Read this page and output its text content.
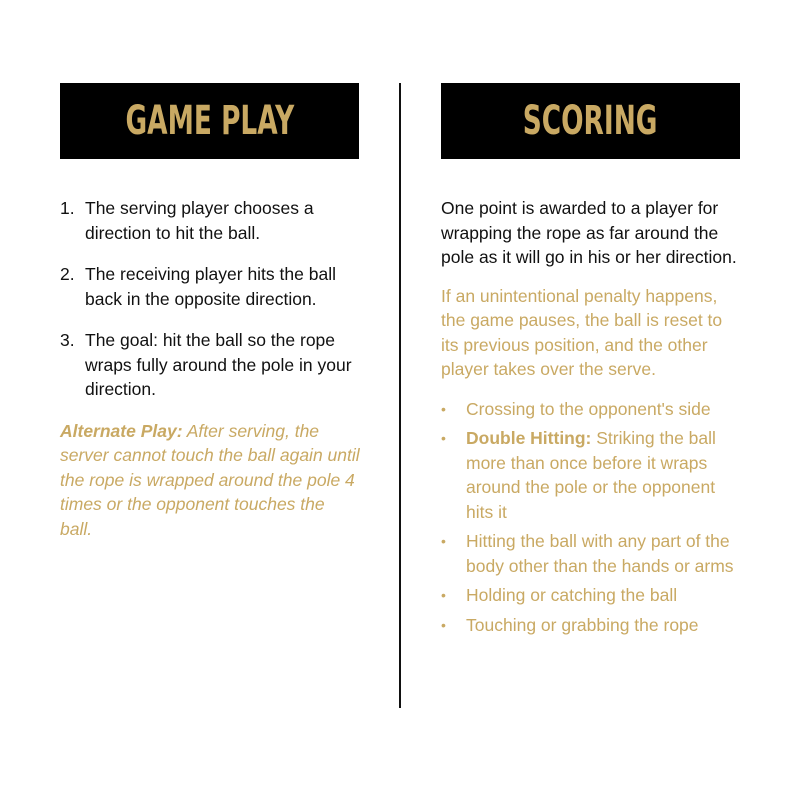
GAME PLAY	SCORING
1. The serving player chooses a direction to hit the ball.
2. The receiving player hits the ball back in the opposite direction.
3. The goal: hit the ball so the rope wraps fully around the pole in your direction.

Alternate Play: After serving, the server cannot touch the ball again until the rope is wrapped around the pole 4 times or the opponent touches the ball.

One point is awarded to a player for wrapping the rope as far around the pole as it will go in his or her direction.

If an unintentional penalty happens, the game pauses, the ball is reset to its previous position, and the other player takes over the serve.

• Crossing to the opponent's side
• Double Hitting: Striking the ball more than once before it wraps around the pole or the opponent hits it
• Hitting the ball with any part of the body other than the hands or arms
• Holding or catching the ball
• Touching or grabbing the rope
